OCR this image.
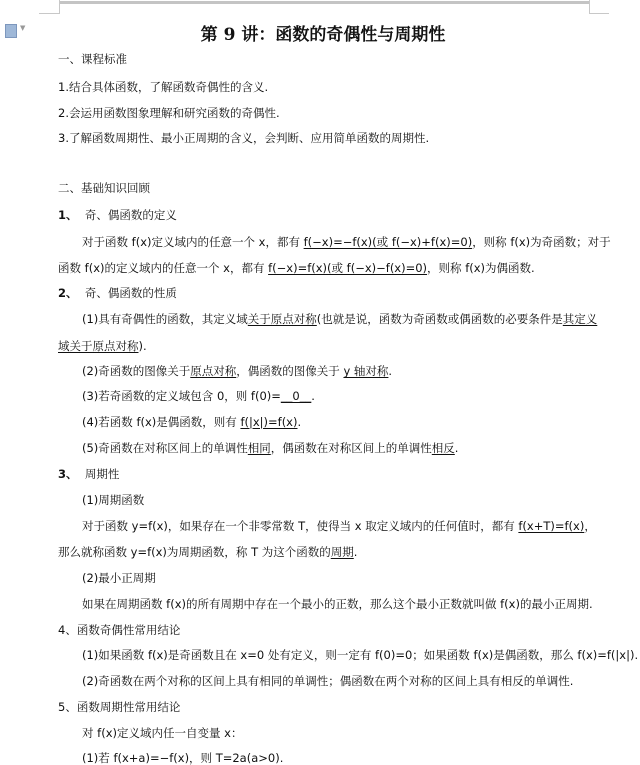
▼	第 9 讲：函数的奇偶性与周期性
一、课程标准
1.结合具体函数，了解函数奇偶性的含义.
2.会运用函数图象理解和研究函数的奇偶性.
3.了解函数周期性、最小正周期的含义，会判断、应用简单函数的周期性.
二、基础知识回顾
1、 奇、偶函数的定义
对于函数 f(x)定义域内的任意一个 x，都有 f(−x)=−f(x)(或 f(−x)+f(x)=0)，则称 f(x)为奇函数；对于
函数 f(x)的定义域内的任意一个 x，都有 f(−x)=f(x)(或 f(−x)−f(x)=0)，则称 f(x)为偶函数.
2、 奇、偶函数的性质
(1)具有奇偶性的函数，其定义域关于原点对称(也就是说，函数为奇函数或偶函数的必要条件是其定义
域关于原点对称).
(2)奇函数的图像关于原点对称，偶函数的图像关于 y 轴对称.
(3)若奇函数的定义域包含 0，则 f(0)=__0__.
(4)若函数 f(x)是偶函数，则有 f(|x|)=f(x).
(5)奇函数在对称区间上的单调性相同，偶函数在对称区间上的单调性相反.
3、 周期性
(1)周期函数
对于函数 y=f(x)，如果存在一个非零常数 T，使得当 x 取定义域内的任何值时，都有 f(x+T)=f(x)，
那么就称函数 y=f(x)为周期函数，称 T 为这个函数的周期.
(2)最小正周期
如果在周期函数 f(x)的所有周期中存在一个最小的正数，那么这个最小正数就叫做 f(x)的最小正周期.
4、函数奇偶性常用结论
(1)如果函数 f(x)是奇函数且在 x=0 处有定义，则一定有 f(0)=0；如果函数 f(x)是偶函数，那么 f(x)=f(|x|).
(2)奇函数在两个对称的区间上具有相同的单调性；偶函数在两个对称的区间上具有相反的单调性.
5、函数周期性常用结论
对 f(x)定义域内任一自变量 x：
(1)若 f(x+a)=−f(x)，则 T=2a(a>0).
